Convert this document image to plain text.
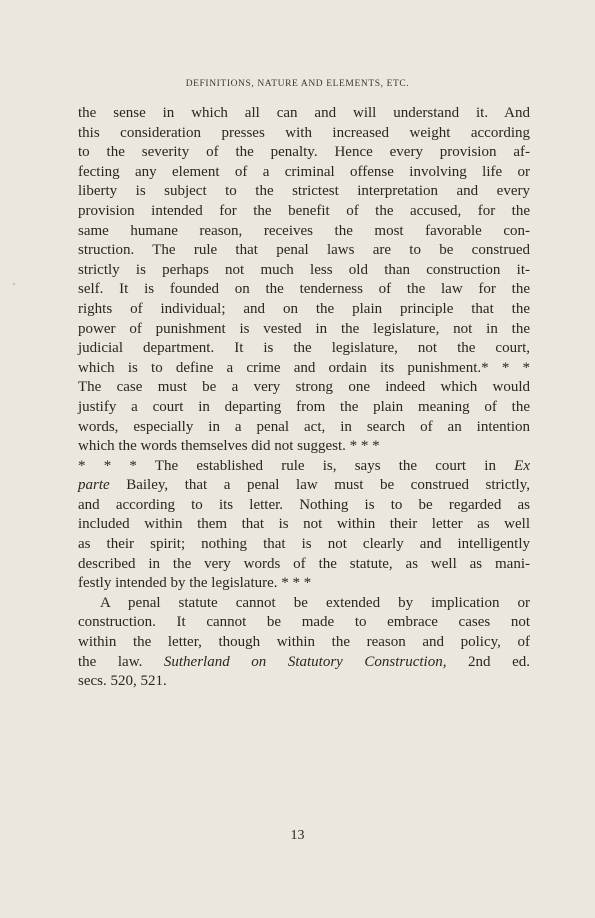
DEFINITIONS, NATURE AND ELEMENTS, ETC.

the sense in which all can and will understand it. And
this consideration presses with increased weight according
to the severity of the penalty. Hence every provision af-
fecting any element of a criminal offense involving life or
liberty is subject to the strictest interpretation and every
provision intended for the benefit of the accused, for the
same humane reason, receives the most favorable con-
struction. The rule that penal laws are to be construed
strictly is perhaps not much less old than construction it-
self. It is founded on the tenderness of the law for the
rights of individual; and on the plain principle that the
power of punishment is vested in the legislature, not in the
judicial department. It is the legislature, not the court,
which is to define a crime and ordain its punishment.* * *
The case must be a very strong one indeed which would
justify a court in departing from the plain meaning of the
words, especially in a penal act, in search of an intention
which the words themselves did not suggest. * * *

* * * The established rule is, says the court in Ex
parte Bailey, that a penal law must be construed strictly,
and according to its letter. Nothing is to be regarded as
included within them that is not within their letter as well
as their spirit; nothing that is not clearly and intelligently
described in the very words of the statute, as well as mani-
festly intended by the legislature. * * *

A penal statute cannot be extended by implication or
construction. It cannot be made to embrace cases not
within the letter, though within the reason and policy, of
the law. Sutherland on Statutory Construction, 2nd ed.
secs. 520, 521.

13
